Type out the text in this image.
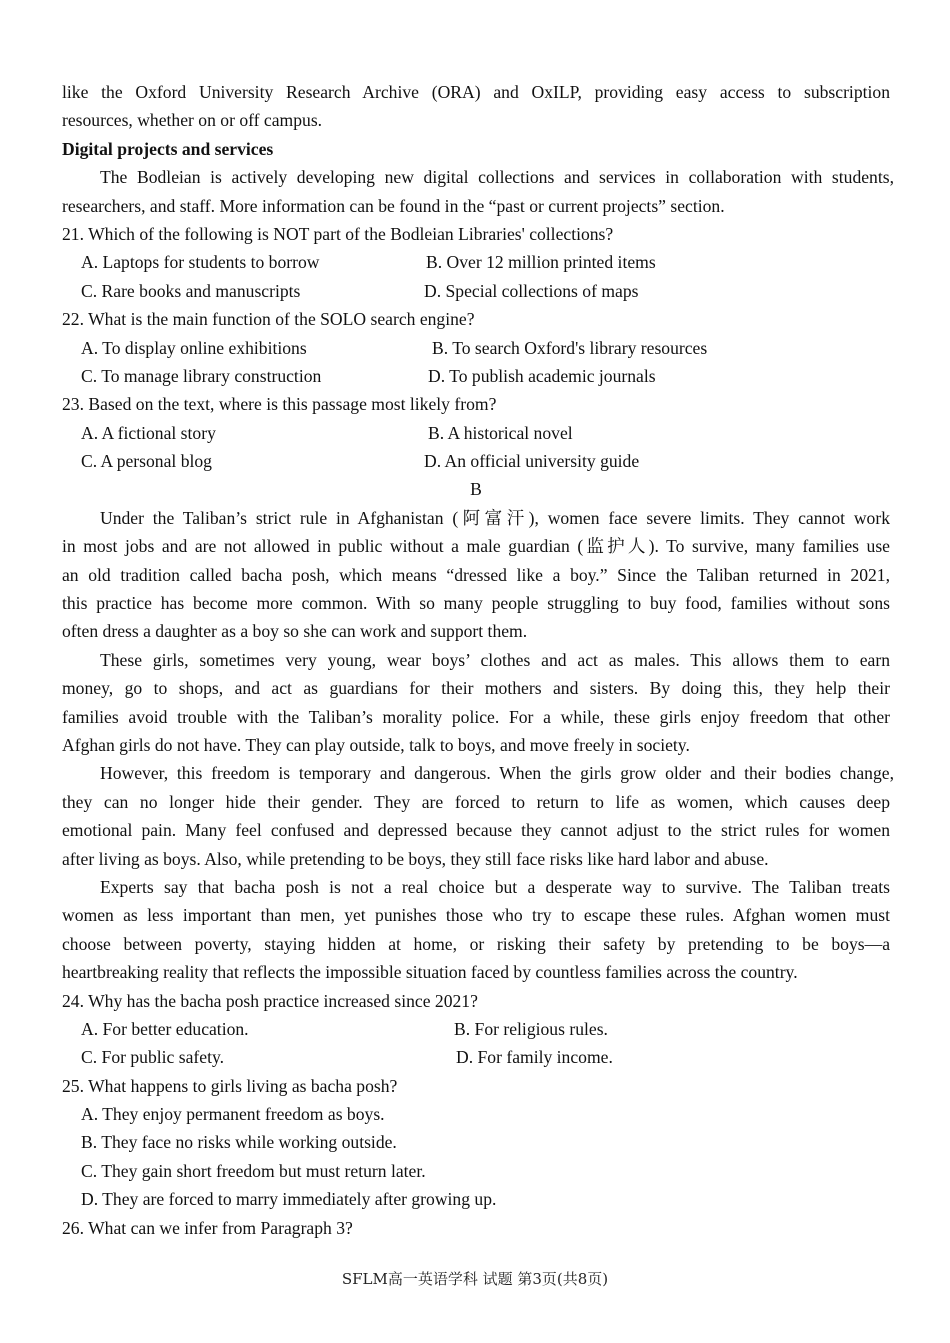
like the Oxford University Research Archive (ORA) and OxILP, providing easy access to subscription
resources, whether on or off campus.
Digital projects and services
The Bodleian is actively developing new digital collections and services in collaboration with students,
researchers, and staff. More information can be found in the “past or current projects” section.
21. Which of the following is NOT part of the Bodleian Libraries' collections?
A. Laptops for students to borrow	B. Over 12 million printed items
C. Rare books and manuscripts	D. Special collections of maps
22. What is the main function of the SOLO search engine?
A. To display online exhibitions	B. To search Oxford's library resources
C. To manage library construction	D. To publish academic journals
23. Based on the text, where is this passage most likely from?
A. A fictional story	B. A historical novel
C. A personal blog	D. An official university guide
B
Under the Taliban’s strict rule in Afghanistan (阿富汗), women face severe limits. They cannot work
in most jobs and are not allowed in public without a male guardian (监护人). To survive, many families use
an old tradition called bacha posh, which means “dressed like a boy.” Since the Taliban returned in 2021,
this practice has become more common. With so many people struggling to buy food, families without sons
often dress a daughter as a boy so she can work and support them.
These girls, sometimes very young, wear boys’ clothes and act as males. This allows them to earn
money, go to shops, and act as guardians for their mothers and sisters. By doing this, they help their
families avoid trouble with the Taliban’s morality police. For a while, these girls enjoy freedom that other
Afghan girls do not have. They can play outside, talk to boys, and move freely in society.
However, this freedom is temporary and dangerous. When the girls grow older and their bodies change,
they can no longer hide their gender. They are forced to return to life as women, which causes deep
emotional pain. Many feel confused and depressed because they cannot adjust to the strict rules for women
after living as boys. Also, while pretending to be boys, they still face risks like hard labor and abuse.
Experts say that bacha posh is not a real choice but a desperate way to survive. The Taliban treats
women as less important than men, yet punishes those who try to escape these rules. Afghan women must
choose between poverty, staying hidden at home, or risking their safety by pretending to be boys—a
heartbreaking reality that reflects the impossible situation faced by countless families across the country.
24. Why has the bacha posh practice increased since 2021?
A. For better education.	B. For religious rules.
C. For public safety.	D. For family income.
25. What happens to girls living as bacha posh?
A. They enjoy permanent freedom as boys.
B. They face no risks while working outside.
C. They gain short freedom but must return later.
D. They are forced to marry immediately after growing up.
26. What can we infer from Paragraph 3?
SFLM高一英语学科 试题 第3页(共8页)
